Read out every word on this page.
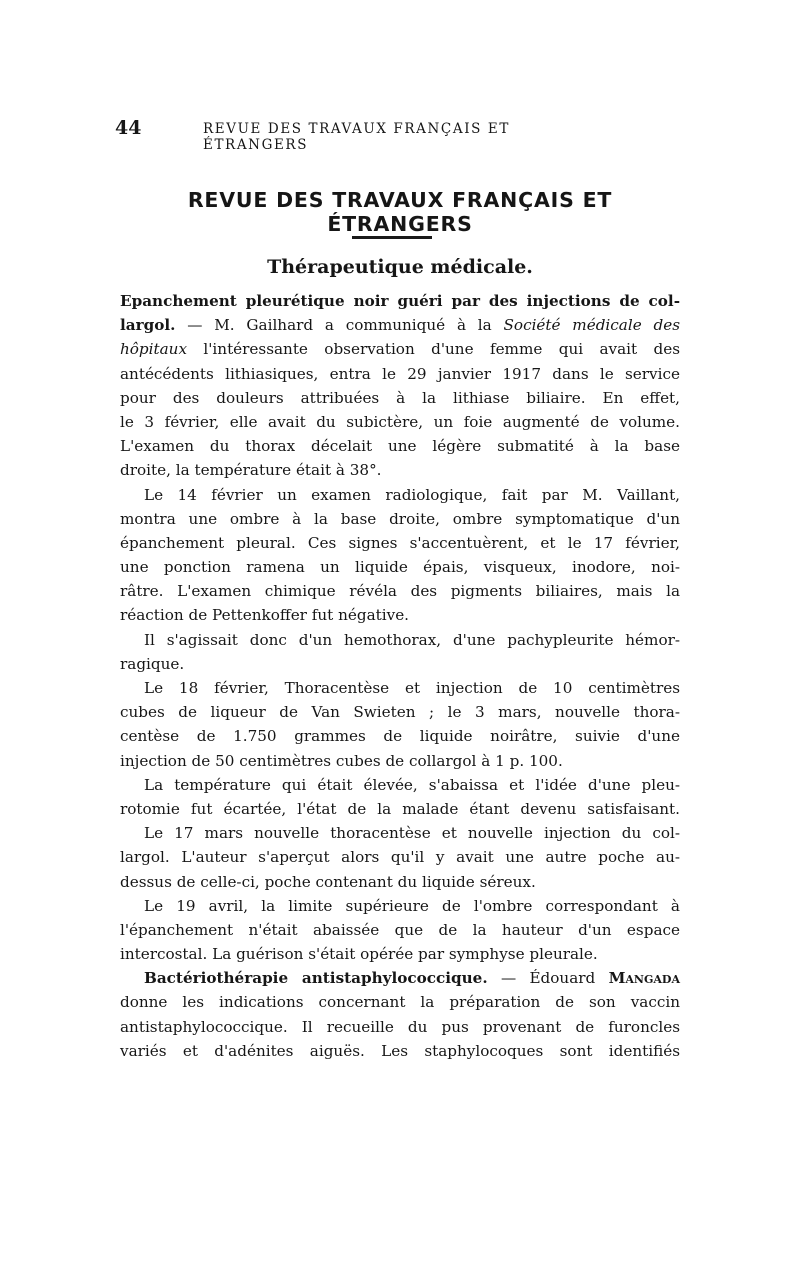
44	REVUE DES TRAVAUX FRANÇAIS ET ÉTRANGERS
REVUE DES TRAVAUX FRANÇAIS ET ÉTRANGERS
Thérapeutique médicale.
Epanchement pleurétique noir guéri par des injections de col-
largol. — M. Gailhard a communiqué à la Société médicale des
hôpitaux l'intéressante observation d'une femme qui avait des
antécédents lithiasiques, entra le 29 janvier 1917 dans le service
pour des douleurs attribuées à la lithiase biliaire. En effet,
le 3 février, elle avait du subictère, un foie augmenté de volume.
L'examen du thorax décelait une légère submatité à la base
droite, la température était à 38°.
Le 14 février un examen radiologique, fait par M. Vaillant,
montra une ombre à la base droite, ombre symptomatique d'un
épanchement pleural. Ces signes s'accentuèrent, et le 17 février,
une ponction ramena un liquide épais, visqueux, inodore, noi-
râtre. L'examen chimique révéla des pigments biliaires, mais la
réaction de Pettenkoffer fut négative.
Il s'agissait donc d'un hemothorax, d'une pachypleurite hémor-
ragique.
Le 18 février, Thoracentèse et injection de 10 centimètres
cubes de liqueur de Van Swieten ; le 3 mars, nouvelle thora-
centèse de 1.750 grammes de liquide noirâtre, suivie d'une
injection de 50 centimètres cubes de collargol à 1 p. 100.
La température qui était élevée, s'abaissa et l'idée d'une pleu-
rotomie fut écartée, l'état de la malade étant devenu satisfaisant.
Le 17 mars nouvelle thoracentèse et nouvelle injection du col-
largol. L'auteur s'aperçut alors qu'il y avait une autre poche au-
dessus de celle-ci, poche contenant du liquide séreux.
Le 19 avril, la limite supérieure de l'ombre correspondant à
l'épanchement n'était abaissée que de la hauteur d'un espace
intercostal. La guérison s'était opérée par symphyse pleurale.
Bactériothérapie antistaphylococcique. — Édouard Mangada
donne les indications concernant la préparation de son vaccin
antistaphylococcique. Il recueille du pus provenant de furoncles
variés et d'adénites aiguës. Les staphylocoques sont identifiés
